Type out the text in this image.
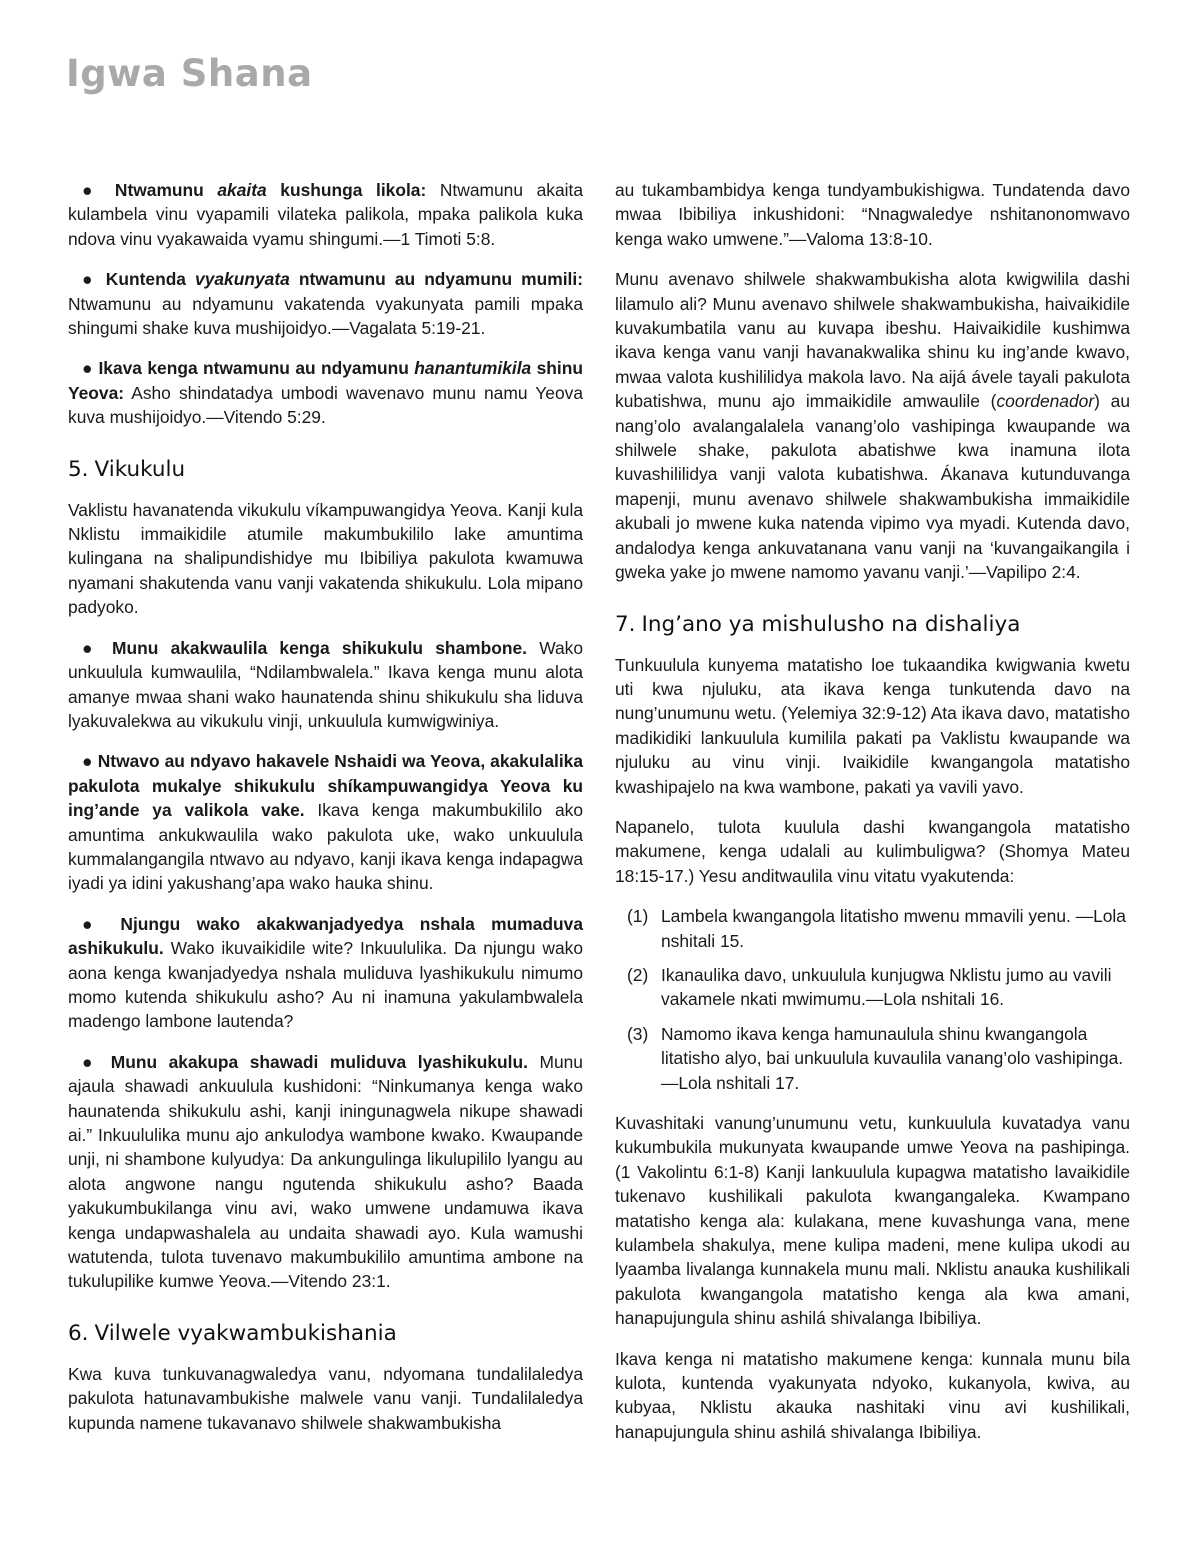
Igwa Shana

● Ntwamunu akaita kushunga likola: Ntwamunu akaita kulambela vinu vyapamili vilateka palikola, mpaka palikola kuka ndova vinu vyakawaida vyamu shingumi.—1 Timoti 5:8.

● Kuntenda vyakunyata ntwamunu au ndyamunu mumili: Ntwamunu au ndyamunu vakatenda vyakunyata pamili mpaka shingumi shake kuva mushijoidyo.—Vagalata 5:19-21.

● Ikava kenga ntwamunu au ndyamunu hanantumikila shinu Yeova: Asho shindatadya umbodi wavenavo munu namu Yeova kuva mushijoidyo.—Vitendo 5:29.

5. Vikukulu

Vaklistu havanatenda vikukulu víkampuwangidya Yeova. Kanji kula Nklistu immaikidile atumile makumbukililo lake amuntima kulingana na shalipundishidye mu Ibibiliya pakulota kwamuwa nyamani shakutenda vanu vanji vakatenda shikukulu. Lola mipano padyoko.

● Munu akakwaulila kenga shikukulu shambone. Wako unkuulula kumwaulila, “Ndilambwalela.” Ikava kenga munu alota amanye mwaa shani wako haunatenda shinu shikukulu sha liduva lyakuvalekwa au vikukulu vinji, unkuulula kumwigwiniya.

● Ntwavo au ndyavo hakavele Nshaidi wa Yeova, akakulalika pakulota mukalye shikukulu shíkampuwangidya Yeova ku ing’ande ya valikola vake. Ikava kenga makumbukililo ako amuntima ankukwaulila wako pakulota uke, wako unkuulula kummalangangila ntwavo au ndyavo, kanji ikava kenga indapagwa iyadi ya idini yakushang’apa wako hauka shinu.

● Njungu wako akakwanjadyedya nshala mumaduva ashikukulu. Wako ikuvaikidile wite? Inkuululika. Da njungu wako aona kenga kwanjadyedya nshala muliduva lyashikukulu nimumo momo kutenda shikukulu asho? Au ni inamuna yakulambwalela madengo lambone lautenda?

● Munu akakupa shawadi muliduva lyashikukulu. Munu ajaula shawadi ankuulula kushidoni: “Ninkumanya kenga wako haunatenda shikukulu ashi, kanji iningunagwela nikupe shawadi ai.” Inkuululika munu ajo ankulodya wambone kwako. Kwaupande unji, ni shambone kulyudya: Da ankungulinga likulupililo lyangu au alota angwone nangu ngutenda shikukulu asho? Baada yakukumbukilanga vinu avi, wako umwene undamuwa ikava kenga undapwashalela au undaita shawadi ayo. Kula wamushi watutenda, tulota tuvenavo makumbukililo amuntima ambone na tukulupilike kumwe Yeova.—Vitendo 23:1.

6. Vilwele vyakwambukishania

Kwa kuva tunkuvanagwaledya vanu, ndyomana tundalilaledya pakulota hatunavambukishe malwele vanu vanji. Tundalilaledya kupunda namene tukavanavo shilwele shakwambukisha

au tukambambidya kenga tundyambukishigwa. Tundatenda davo mwaa Ibibiliya inkushidoni: “Nnagwaledye nshitanonomwavo kenga wako umwene.”—Valoma 13:8-10.

Munu avenavo shilwele shakwambukisha alota kwigwilila dashi lilamulo ali? Munu avenavo shilwele shakwambukisha, haivaikidile kuvakumbatila vanu au kuvapa ibeshu. Haivaikidile kushimwa ikava kenga vanu vanji havanakwalika shinu ku ing’ande kwavo, mwaa valota kushililidya makola lavo. Na aijá ávele tayali pakulota kubatishwa, munu ajo immaikidile amwaulile (coordenador) au nang’olo avalangalalela vanang’olo vashipinga kwaupande wa shilwele shake, pakulota abatishwe kwa inamuna ilota kuvashililidya vanji valota kubatishwa. Ákanava kutunduvanga mapenji, munu avenavo shilwele shakwambukisha immaikidile akubali jo mwene kuka natenda vipimo vya myadi. Kutenda davo, andalodya kenga ankuvatanana vanu vanji na ‘kuvangaikangila i gweka yake jo mwene namomo yavanu vanji.’—Vapilipo 2:4.

7. Ing’ano ya mishulusho na dishaliya

Tunkuulula kunyema matatisho loe tukaandika kwigwania kwetu uti kwa njuluku, ata ikava kenga tunkutenda davo na nung’unumunu wetu. (Yelemiya 32:9-12) Ata ikava davo, matatisho madikidiki lankuulula kumilila pakati pa Vaklistu kwaupande wa njuluku au vinu vinji. Ivaikidile kwangangola matatisho kwashipajelo na kwa wambone, pakati ya vavili yavo.

Napanelo, tulota kuulula dashi kwangangola matatisho makumene, kenga udalali au kulimbuligwa? (Shomya Mateu 18:15-17.) Yesu anditwaulila vinu vitatu vyakutenda:

(1) Lambela kwangangola litatisho mwenu mmavili yenu. —Lola nshitali 15.
(2) Ikanaulika davo, unkuulula kunjugwa Nklistu jumo au vavili vakamele nkati mwimumu.—Lola nshitali 16.
(3) Namomo ikava kenga hamunaulula shinu kwangangola litatisho alyo, bai unkuulula kuvaulila vanang’olo vashipinga.—Lola nshitali 17.

Kuvashitaki vanung’unumunu vetu, kunkuulula kuvatadya vanu kukumbukila mukunyata kwaupande umwe Yeova na pashipinga. (1 Vakolintu 6:1-8) Kanji lankuulula kupagwa matatisho lavaikidile tukenavo kushilikali pakulota kwangangaleka. Kwampano matatisho kenga ala: kulakana, mene kuvashunga vana, mene kulambela shakulya, mene kulipa madeni, mene kulipa ukodi au lyaamba livalanga kunnakela munu mali. Nklistu anauka kushilikali pakulota kwangangola matatisho kenga ala kwa amani, hanapujungula shinu ashilá shivalanga Ibibiliya.

Ikava kenga ni matatisho makumene kenga: kunnala munu bila kulota, kuntenda vyakunyata ndyoko, kukanyola, kwiva, au kubyaa, Nklistu akauka nashitaki vinu avi kushilikali, hanapujungula shinu ashilá shivalanga Ibibiliya.
